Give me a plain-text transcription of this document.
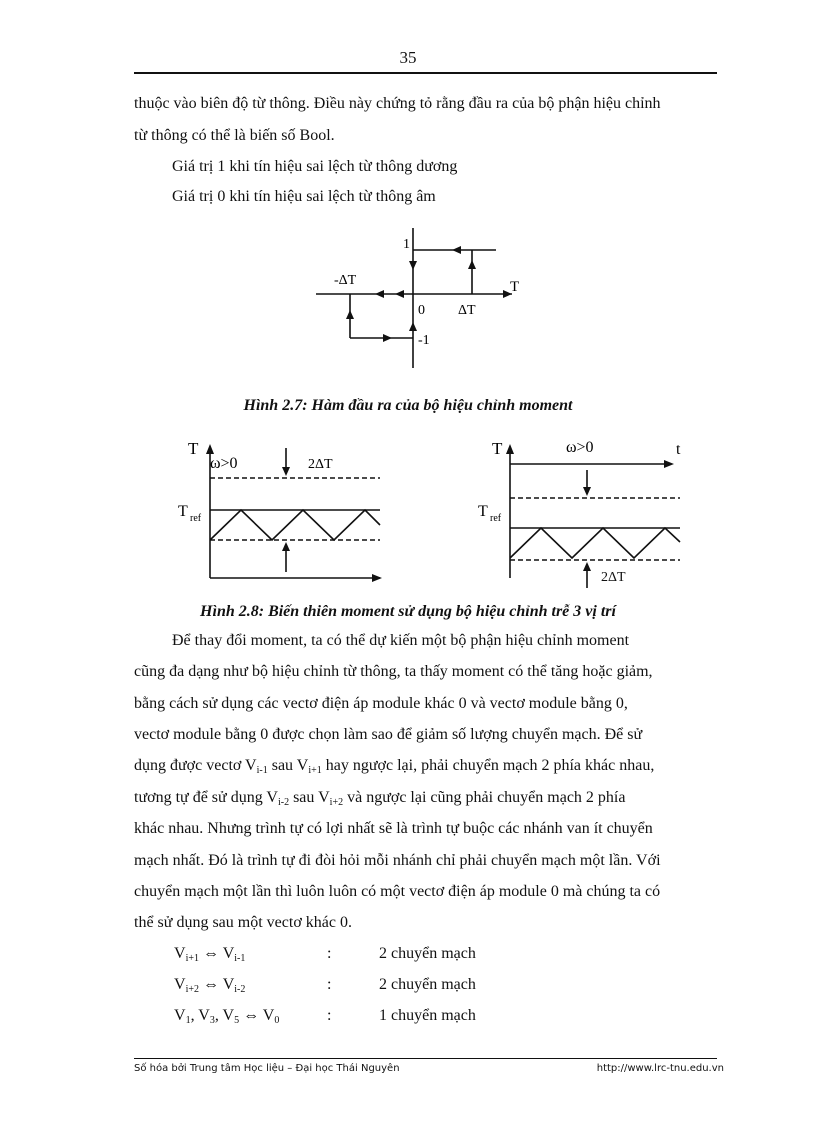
35
thuộc vào biên độ từ thông. Điều này chứng tỏ rằng đầu ra của bộ phận hiệu chỉnh
từ thông có thể là biến số Bool.
Giá trị 1 khi tín hiệu sai lệch từ thông dương
Giá trị 0 khi tín hiệu sai lệch từ thông âm
1
-ΔT	T
0 ΔT
-1
Hình 2.7: Hàm đầu ra của bộ hiệu chỉnh moment
T
ω>0	2ΔT
T ref
T	ω>0	t
T ref
2ΔT
Hình 2.8: Biến thiên moment sử dụng bộ hiệu chỉnh trễ 3 vị trí
Để thay đổi moment, ta có thể dự kiến một bộ phận hiệu chỉnh moment
cũng đa dạng như bộ hiệu chỉnh từ thông, ta thấy moment có thể tăng hoặc giảm,
bằng cách sử dụng các vectơ điện áp module khác 0 và vectơ module bằng 0,
vectơ module bằng 0 được chọn làm sao để giảm số lượng chuyển mạch. Để sử
dụng được vectơ $V_{i-1}$ sau $V_{i+1}$ hay ngược lại, phải chuyển mạch 2 phía khác nhau,
tương tự để sử dụng $V_{i-2}$ sau $V_{i+2}$ và ngược lại cũng phải chuyển mạch 2 phía
khác nhau. Nhưng trình tự có lợi nhất sẽ là trình tự buộc các nhánh van ít chuyển
mạch nhất. Đó là trình tự đi đòi hỏi mỗi nhánh chỉ phải chuyển mạch một lần. Với
chuyển mạch một lần thì luôn luôn có một vectơ điện áp module 0 mà chúng ta có
thể sử dụng sau một vectơ khác 0.
$V_{i+1}$ ⇔ $V_{i-1}$	:	2 chuyển mạch
$V_{i+2}$ ⇔ $V_{i-2}$	:	2 chuyển mạch
$V_1$, $V_3$, $V_5$ ⇔ $V_0$	:	1 chuyển mạch
Số hóa bởi Trung tâm Học liệu – Đại học Thái Nguyên	http://www.lrc-tnu.edu.vn
